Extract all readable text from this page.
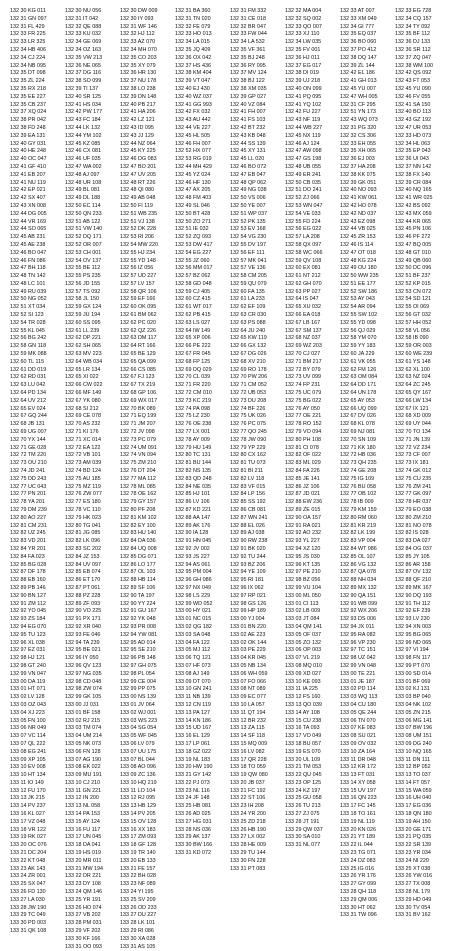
132 30 KG 011
132 31 GN 097
132 31 FL 429
132 33 FR 225
132 33 LR 325
132 34 HB 406
132 34 CJ 224
132 34 NB 095
132 35 DT 098
132 35 ZL 224
132 35 RX 218
132 35 EE 227
132 35 CB 237
132 37 XQ 024
132 38 PR 042
132 38 FD 248
132 39 EA 131
132 40 GY 031
132 40 HE 248
132 40 OC 047
132 41 GF 410
132 41 EB 207
132 41 NU 119
132 42 EP 021
132 42 SX 407
132 43 XN 008
132 44 DG 005
132 44 VR 169
132 44 SO 065
132 45 AB 231
132 45 AE 238
132 46 BO 047
132 46 FN 086
132 47 BH 118
132 48 TN 142
132 48 LC 101
132 49 RU 039
132 50 NG 052
132 51 XT 034
132 52 SI 123
132 54 TR 028
132 55 KL 045
132 56 BG 242
132 58 GN 118
132 59 MK 088
132 60 TL 115
132 61 DD 019
132 62 RD 031
132 63 LU 042
132 64 PD 134
132 64 UV 212
132 65 EV 024
132 67 GQ 244
132 68 JB 131
132 69 UG 007
132 70 YX 144
132 71 GE 028
132 72 TM 220
132 73 OU 210
132 74 JD 241
132 75 DD 243
132 77 UC 043
132 77 PN 201
132 78 YA 201
132 79 DM 239
132 80 AO 227
132 81 CM 231
132 82 UZ 245
132 83 VD 201
132 84 YR 201
132 84 FA 023
132 85 BG 028
132 87 DF 178
132 88 EB 160
132 89 PB 146
132 90 BN 127
132 91 ZM 112
132 92 YO 045
132 93 ZS 184
132 94 EG 070
132 95 TU 123
132 96 XL 038
132 97 EZ 031
132 98 HJ 121
132 98 GT 240
132 99 VN 047
133 00 DA 119
133 01 HT 071
133 02 LV 128
133 03 OZ 043
133 04 XJ 223
133 05 FN 100
133 06 NR 049
133 07 VC 114
133 07 QL 222
133 08 EG 241
133 09 XP 105
133 10 EV 008
133 10 HT 134
133 11 IO 149
133 12 FU 170
133 13 JK 215
133 14 PV 237
133 16 KL 027
133 17 VZ 048
133 18 VR 122
133 19 RK 027
133 20 OC 076
133 21 DC 204
133 22 KT 048
133 23 AK 143
133 24 ZR 001
133 25 SX 047
133 26 FD 130
133 27 LA 030
133 28 JW 190
133 29 TC 049
133 30 PD 003
133 31 QK 108
132 30 NU 056
132 31 IT 042
132 32 QE 088
132 33 KU 032
132 34 GE 069
132 34 OZ 163
132 35 VW 213
132 36 NE 065
132 37 DG 116
132 38 SO 099
132 39 TI 137
132 40 SR 125
132 41 HS 034
132 42 PW 177
132 43 FC 184
132 44 LK 132
132 44 YM 102
132 45 KZ 085
132 46 CX 081
132 46 UF 035
132 47 WA 002
132 48 AJ 097
132 48 UR 108
132 49 BL 081
132 49 DL 188
132 50 EC 114
132 50 QN 233
132 51 AB 122
132 51 VW 140
132 52 DQ 171
132 52 OR 007
132 53 CH 001
132 54 OV 137
132 55 BE 112
132 55 PS 235
132 56 JD 155
132 57 TS 092
132 58 JL 150
132 59 GX 124
132 59 JU 194
132 60 SS 095
132 61 LL 239
132 62 DP 221
132 62 SH 065
132 63 MV 223
132 64 WB 034
132 65 LR 134
132 65 XI 022
132 66 CW 022
132 66 MF 149
132 67 YK 080
132 68 SI 212
132 69 CE 078
132 70 AS 232
132 71 KI 176
132 71 XC 014
132 72 EA 122
132 72 VB 101
132 73 AM 039
132 74 BD 124
132 75 AU 185
132 75 MZ 119
132 76 ZW 077
132 77 ES 180
132 78 VC 110
132 79 HK 023
132 80 TG 041
132 81 JG 085
132 82 LK 096
132 83 SC 202
132 84 JZ 153
132 84 UV 097
132 85 EB 074
132 86 ET 170
132 87 PT 061
132 88 PZ 228
132 89 ZF 093
132 90 VO 225
132 91 PX 171
132 92 XR 040
132 93 FE 046
132 94 TA 239
132 95 BE 021
132 96 IY 050
132 96 QV 123
132 97 NG 035
132 98 CD 048
132 98 ZW 074
132 99 GK 105
133 00 JJ 031
133 01 BF 158
133 02 RJ 215
133 03 TM 074
133 04 UM 214
133 05 NK 073
133 06 FN 128
133 07 AG 190
133 08 EK 022
133 09 MU 191
133 10 CJ 210
133 11 GN 221
133 12 IN 200
133 13 NL 058
133 14 PA 153
133 15 AY 124
133 16 FU 117
133 17 UN 045
133 18 DA 041
133 19 HS 019
133 20 MR 011
133 21 MW 194
133 22 DR 221
133 23 DY 108
133 24 QM 146
133 25 YR 191
133 26 HO 074
133 27 VB 202
133 28 PM 031
133 29 VF 202
133 30 KF 166
133 31 OO 093
132 30 DW 009
132 30 IY 093
132 31 WF 146
132 32 HJ 112
132 33 AZ 070
132 34 MH 070
132 35 CO 203
132 35 XY 079
132 36 HR 130
132 37 NU 178
132 38 LO 238
132 39 DN 148
132 40 PB 217
132 41 HA 206
132 42 LZ 121
132 43 ID 095
132 43 JJ 129
132 44 NZ 064
132 45 KY 225
132 46 DG 083
132 47 BO 201
132 47 UV 205
132 48 RT 226
132 48 QI 080
132 49 AB 048
132 50 FI 119
132 51 WB 235
132 51 VJ 138
132 52 DK 228
132 53 RI 206
132 54 MW 220
132 55 HJ 234
132 55 YD 148
132 56 IZ 056
132 57 UD 227
132 57 LV 157
132 58 QR 106
132 59 EF 166
132 60 OK 095
132 61 BM 062
132 62 PC 020
132 62 QZ 226
132 63 DM 117
132 64 RT 166
132 65 BE 129
132 65 QA 099
132 66 CS 085
132 67 FJ 123
132 67 TX 219
132 68 GP 106
132 69 WX 017
132 70 BK 089
132 71 EQ 199
132 71 JM 207
132 72 JV 098
132 73 PC 079
132 74 UM 091
132 74 VN 094
132 75 ZM 210
132 76 DT 204
132 77 MA 112
132 78 ML 085
132 78 OE 162
132 79 GY 157
132 80 PF 208
132 81 KM 102
132 82 EY 100
132 83 HU 140
132 84 DA 036
132 84 UQ 008
132 85 DG 071
132 86 LO 177
132 87 OL 103
132 88 HB 114
132 89 SF 106
132 90 TA 197
132 90 YY 224
132 91 GU 167
132 92 YK 048
132 93 PR 008
132 94 YW 081
132 95 AD 014
132 95 SE 210
132 96 PB 148
132 97 GH 075
132 98 PL 054
132 99 CE 004
132 99 PP 075
133 00 NS 139
133 01 JV 064
133 02 WJ 001
133 03 WS 223
133 04 SG 054
133 05 WF 045
133 06 LV 079
133 07 UU 175
133 07 BL 044
133 08 AO 096
133 09 ZC 136
133 10 HQ 219
133 11 LO 104
133 12 RJ 095
133 13 HB 129
133 14 PV 205
133 15 OV 128
133 16 XX 183
133 17 ZM 093
133 18 GF 128
133 19 TR 140
133 20 EB 133
133 21 FE 157
133 22 BH 028
133 23 NF 089
133 24 YI 195
133 25 SV 209
133 26 OD 233
133 27 DU 227
133 28 LK 101
133 29 RI 086
133 30 XA 028
133 31 AS 105
132 31 BA 360
132 31 TN 020
132 32 FE 079
132 33 HO 013
132 34 LA 015
132 35 JQ 409
132 36 OX 042
132 37 HS 436
132 38 KM 404
132 39 VT 047
132 40 EJ 430
132 40 WZ 037
132 41 GG 993
132 42 FX 032
132 43 AU 442
132 44 VE 227
132 45 HL 505
132 46 FH 007
132 52 HX 077
132 53 RG 019
132 44 MH 429
132 45 YZ 024
132 46 HF 130
132 47 AX 205
132 48 FM 403
132 49 SL 046
132 50 BT 428
132 50 ZO 271
132 51 IE 032
132 52 ZQ 093
132 53 DW 417
132 54 EG 227
132 55 JZ 060
132 56 MM 017
132 57 BZ 062
132 58 GD 048
132 59 CJ 405
132 60 CZ 415
132 61 WT 017
132 62 PB 415
132 63 LS 027
132 64 IW 149
132 65 XP 006
132 66 PE 222
132 67 FR 045
132 68 FP 125
132 69 DQ 029
132 70 CL 039
132 71 FR 220
132 72 CM 010
132 73 KC 219
132 74 PA 098
132 75 LZ 230
132 76 OE 238
132 77 LX 001
132 78 AY 009
132 79 HU 149
132 80 TC 131
132 81 BU 144
132 82 NS 135
132 83 QD 248
132 84 NE 035
132 85 HJ 101
132 86 LV 106
132 87 KD 221
132 88 AA 147
132 89 AK 176
132 90 IA 128
132 91 HN 045
132 92 JV 002
132 93 JS 227
132 94 AS 061
132 95 PM 004
132 96 GH 086
132 97 NX 049
132 98 LS 229
132 99 WD 052
133 00 HY 021
133 01 NC 015
133 02 QG 182
133 03 SA 048
133 04 FA 122
133 05 MJ 112
133 06 TQ 121
133 07 HF 073
133 08 AJ 149
133 09 DT 070
133 10 GN 241
133 11 NB 139
133 12 CN 119
133 13 PA 127
133 14 KN 186
133 15 UD 167
133 16 EL 129
133 17 LP 061
133 18 GZ 022
133 19 NL 183
133 20 HW 190
133 21 GY 142
133 22 PJ 073
133 23 NL 116
133 24 JF 148
133 25 HB 081
133 26 AD 025
133 27 HG 031
133 28 NS 036
133 29 AK 137
133 30 BW 166
133 31 KD 072
132 31 FM 332
132 31 CE 018
132 32 BR 047
132 33 FW 044
132 34 LA 532
132 35 VF 361
132 35 BJ 248
132 36 RY 095
132 37 MV 124
132 38 BJ 122
132 38 XM 035
132 39 GP 027
132 40 VZ 084
132 41 FH 007
132 41 FS 103
132 42 BT 232
132 43 KB 048
132 44 SS 139
132 45 XY 131
132 45 LL 020
132 46 BO 072
132 47 EB 047
132 48 QP 062
132 49 NG 038
132 50 VS 006
132 50 YE 007
132 51 WP 037
132 52 PK 135
132 53 EV 168
132 54 VG 230
132 55 DV 197
132 56 EF 111
132 57 MK 041
132 57 VE 136
132 58 CM 205
132 59 QU 079
132 60 FA 135
132 61 LA 233
132 62 EF 109
132 63 CR 030
132 63 PS 088
132 64 JU 240
132 65 KW 119
132 66 GX 132
132 67 DG 026
132 68 XV 210
132 69 RO 178
132 70 PW 206
132 71 CM 052
132 72 UB 053
132 73 DU 208
132 74 BF 226
132 75 UK 026
132 76 PC 075
132 77 QO 245
132 78 JW 090
132 79 YP 229
132 80 CX 162
132 81 TU 073
132 81 BI 211
132 82 LV 118
132 83 VF 015
132 84 LP 156
132 85 SS 192
132 86 CB 081
132 87 WN 241
132 88 EL 026
132 89 AJ 038
132 90 RW 238
132 91 BK 020
132 92 TU 244
132 93 BZ 206
132 94 YE 109
132 95 RI 181
132 96 IX 062
132 97 RP 021
132 98 GS 126
132 99 HP 189
133 00 YJ 004
133 01 BN 220
133 02 AE 223
133 02 OK 144
133 03 PE 229
133 04 KR 045
133 05 NB 134
133 06 WH 059
133 07 FO 066
133 08 NT 089
133 09 EC 077
133 10 LA 057
133 11 QT 194
133 12 BR 232
133 13 ZA 115
133 14 SF 118
133 15 MQ 009
133 16 LV 082
133 17 QR 228
133 18 TO 059
133 19 QW 080
133 20 JB 037
133 21 FC 192
133 22 ST 106
133 23 IH 208
133 24 YR 200
133 25 ZD 218
133 26 HB 190
133 27 LX 002
133 28 HE 009
133 29 TU 144
133 30 FN 228
133 31 PT 083
132 32 MA 004
132 32 SQ 002
132 33 QO 007
132 33 XJ 110
132 34 LW 035
132 35 FV 001
132 36 HJ 011
132 37 EG 017
132 38 DI 019
132 39 UJ 218
132 40 ON 099
132 41 PQ 095
132 41 YQ 102
132 42 FU 227
132 43 NF 119
132 44 WB 227
132 45 NX 119
132 46 AJ 124
132 47 AW 098
132 47 GS 198
132 48 UB 055
132 49 ER 241
132 50 CB 035
132 51 DO 241
132 52 ZJ 066
132 53 WN 047
132 54 VE 033
132 55 FD 224
132 56 EG 022
132 57 LA 208
132 58 QX 097
132 58 WC 066
132 59 QV 108
132 60 EX 081
132 61 NT 212
132 62 GH 070
132 63 PP 027
132 64 IS 047
132 65 XU 032
132 66 EA 018
132 67 LB 167
132 67 SM 137
132 68 NZ 037
132 69 WZ 203
132 70 CJ 027
132 71 BM 217
132 72 BY 079
132 73 UV 099
132 74 FP 231
132 75 UC 079
132 75 BG 022
132 76 AY 050
132 77 OE 221
132 78 RO 152
132 79 VO 094
132 80 PH 108
132 81 CI 078
132 82 OF 022
132 83 ML 029
132 84 FA 226
132 85 JE 141
132 86 JZ 106
132 87 JD 021
132 88 EW 236
132 89 ZE 015
132 90 OA 157
132 91 RA 021
132 92 AO 232
132 93 YL 227
132 94 XZ 120
132 95 JS 030
132 96 KT 135
132 97 PE 210
132 98 BZ 056
132 99 VU 104
133 00 ML 050
133 01 CI 113
133 02 LB 009
133 03 JT 084
133 04 QM 141
133 05 OF 037
133 05 ZO 132
133 06 OP 003
133 07 VL 219
133 08 MQ 010
133 09 XD 027
133 10 KE 093
133 11 IA 225
133 12 FS 160
133 13 QO 039
133 14 AY 108
133 15 CU 238
133 16 TA 093
133 17 VO 049
133 18 BU 057
133 19 ES 070
133 20 UL 109
133 21 TM 053
133 22 QU 045
133 23 OP 125
133 24 KZ 197
133 25 GU 058
133 26 TU 213
133 27 ZJ 075
133 28 JT 191
133 29 QW 037
133 30 SA 010
133 31 NL 077
132 33 AT 007
132 33 XM 049
132 34 GI 777
132 35 EQ 037
132 36 BO 060
132 37 PO 412
132 38 DQ 147
132 39 ZL 144
132 42 EL 186
132 41 GH 013
132 45 YU 007
132 47 WH 005
132 31 CF 295
132 51 YN 173
132 43 WQ 073
132 31 PG 320
132 32 CS 306
132 33 EH 055
132 35 XH 065
132 36 EJ 003
132 37 HA 208
132 38 KK 075
132 39 GK 051
132 40 NO 093
132 41 KW 061
132 42 HO 078
132 42 ND 037
132 43 EZ 098
132 44 VB 025
132 45 ZR 153
132 46 IS 114
132 47 OT 018
132 48 KG 224
132 49 OU 180
132 50 WW 235
132 51 EE 177
132 52 SW 186
132 53 AY 043
132 54 AR 094
132 55 SW 102
132 55 YD 098
132 56 QJ 029
132 58 YM 070
132 59 YY 183
132 60 JA 229
132 61 VK 055
132 62 FM 126
132 63 OM 084
132 64 DD 171
132 64 UN 178
132 65 AY 053
132 66 UQ 099
132 67 DV 026
132 68 KL 078
132 69 NJ 081
132 70 SN 109
132 71 KK 180
132 72 HB 036
132 73 QH 235
132 74 GE 208
132 75 IG 109
132 76 BU 058
132 77 OB 102
132 78 IB 009
132 79 KM 159
132 80 RM 060
132 81 KR 219
132 82 LK 199
132 83 VP 004
132 84 WT 086
132 85 OL 107
132 86 VG 132
132 87 QA 078
132 88 NH 034
132 89 MX 132
132 90 QA 151
132 91 WB 099
132 92 WX 206
132 93 DS 006
132 94 JX 011
132 95 RA 082
132 96 VP 230
132 97 TC 151
132 98 UZ 042
132 99 VN 048
133 00 TE 221
133 01 JE 187
133 02 PD 114
133 03 WQ 113
133 04 CU 180
133 05 QE 244
133 06 TN 070
133 07 KE 083
133 08 SU 021
133 09 OV 032
133 10 ZA 164
133 11 DR 048
133 12 KR 172
133 13 FT 031
133 14 XY 058
133 15 UV 197
133 16 QN 223
133 17 FC 145
133 18 TO 161
133 19 NL 119
133 20 KN 026
133 21 YT 189
133 22 IL 044
133 23 TG 071
133 24 DZ 083
133 25 IG 016
133 26 YR 176
133 27 GY 099
133 28 QH 118
133 29 QM 006
133 30 HT 062
133 31 TW 096
132 33 EG 728
132 34 CQ 157
132 34 TY 092
132 35 BF 112
132 36 DJ 133
132 36 SR 112
132 37 ZQ 047
132 38 WM 100
132 42 QS 092
132 43 FT 053
132 45 YU 090
132 46 FV 055
132 41 SA 150
132 40 BO 113
132 43 GZ 192
132 47 UR 053
132 33 HD 073
132 34 HL 063
132 35 EP 043
132 36 UI 043
132 37 NN 142
132 38 FX 140
132 39 CR 084
132 40 NQ 165
132 41 WR 025
132 42 BS 092
132 43 MX 059
132 44 KR 065
132 45 PN 106
132 46 PF 272
132 47 BQ 005
132 48 GT 010
132 49 QB 060
132 50 DC 096
132 51 BF 237
132 52 KP 015
132 53 CN 072
132 54 SD 121
132 55 OI 069
132 56 GT 032
132 57 HH 052
132 58 VL 056
132 58 IB 090
132 59 OR 003
132 60 WE 239
132 61 YS 148
132 62 XL 100
132 63 NZ 024
132 64 ZC 245
132 65 QY 167
132 66 LW 134
132 67 IX 121
132 68 XD 009
132 69 UY 044
132 70 TO 134
132 71 JN 139
132 72 VZ 234
132 73 CF 007
132 73 IX 181
132 74 GK 012
132 75 CU 235
132 76 ZM 241
132 77 GK 097
132 78 HR 037
132 79 EO 038
132 80 ZM 210
132 81 NO 078
132 82 IS 028
132 83 DA 027
132 84 OG 037
132 85 JY 105
132 86 AR 158
132 87 OV 132
132 88 QF 210
132 89 MK 167
132 90 DQ 193
132 91 TH 112
132 92 EF 239
132 93 LV 230
132 94 XN 003
132 95 BG 065
132 96 ND 065
132 97 VI 194
133 98 FN 117
132 99 PT 070
133 00 SD 014
133 01 BF 069
133 02 KJ 131
133 03 BP 040
133 04 NK 102
133 05 ZN 215
133 06 MG 141
133 07 BW 196
133 08 UM 151
133 09 DG 240
133 10 NQ 165
133 11 DN 111
133 12 BP 052
133 13 TO 037
133 14 FT 057
133 15 WA 059
133 16 UH 040
133 17 EG 036
133 18 QN 180
133 19 AH 150
133 20 GE 171
133 21 PQ 035
133 22 SR 139
133 23 YR 034
133 24 NI 220
133 25 XT 038
133 26 YW 016
133 27 TX 008
133 28 NL 179
133 29 HD 049
133 30 TV 054
133 31 BV 162
